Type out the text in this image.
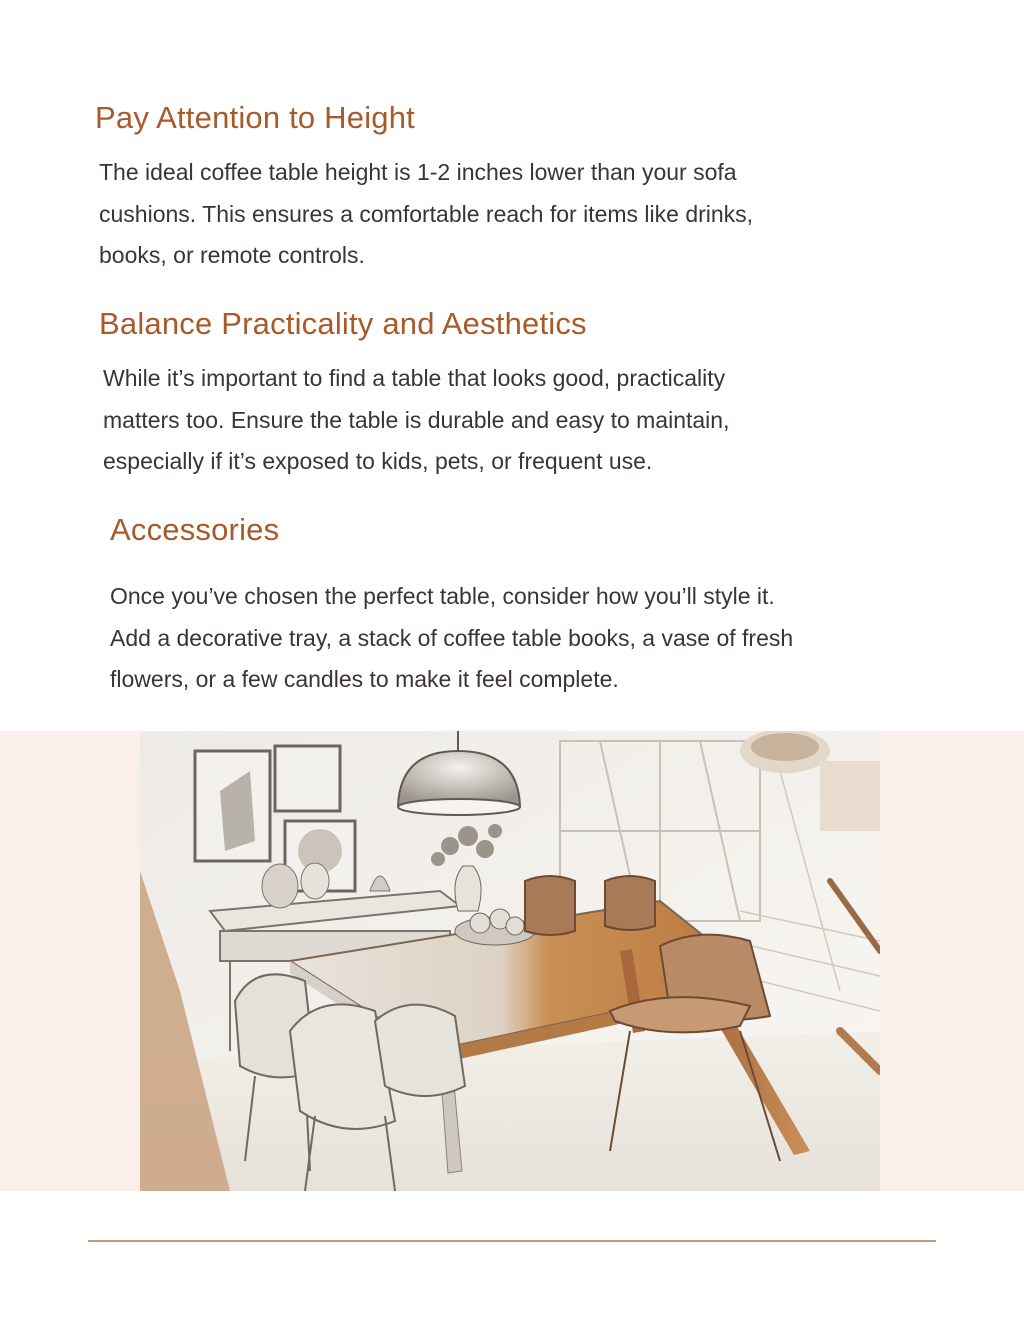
Pay Attention to Height
The ideal coffee table height is 1-2 inches lower than your sofa
cushions. This ensures a comfortable reach for items like drinks,
books, or remote controls.
Balance Practicality and Aesthetics
While it’s important to find a table that looks good, practicality
matters too. Ensure the table is durable and easy to maintain,
especially if it’s exposed to kids, pets, or frequent use.
Accessories
Once you’ve chosen the perfect table, consider how you’ll style it.
Add a decorative tray, a stack of coffee table books, a vase of fresh
flowers, or a few candles to make it feel complete.
